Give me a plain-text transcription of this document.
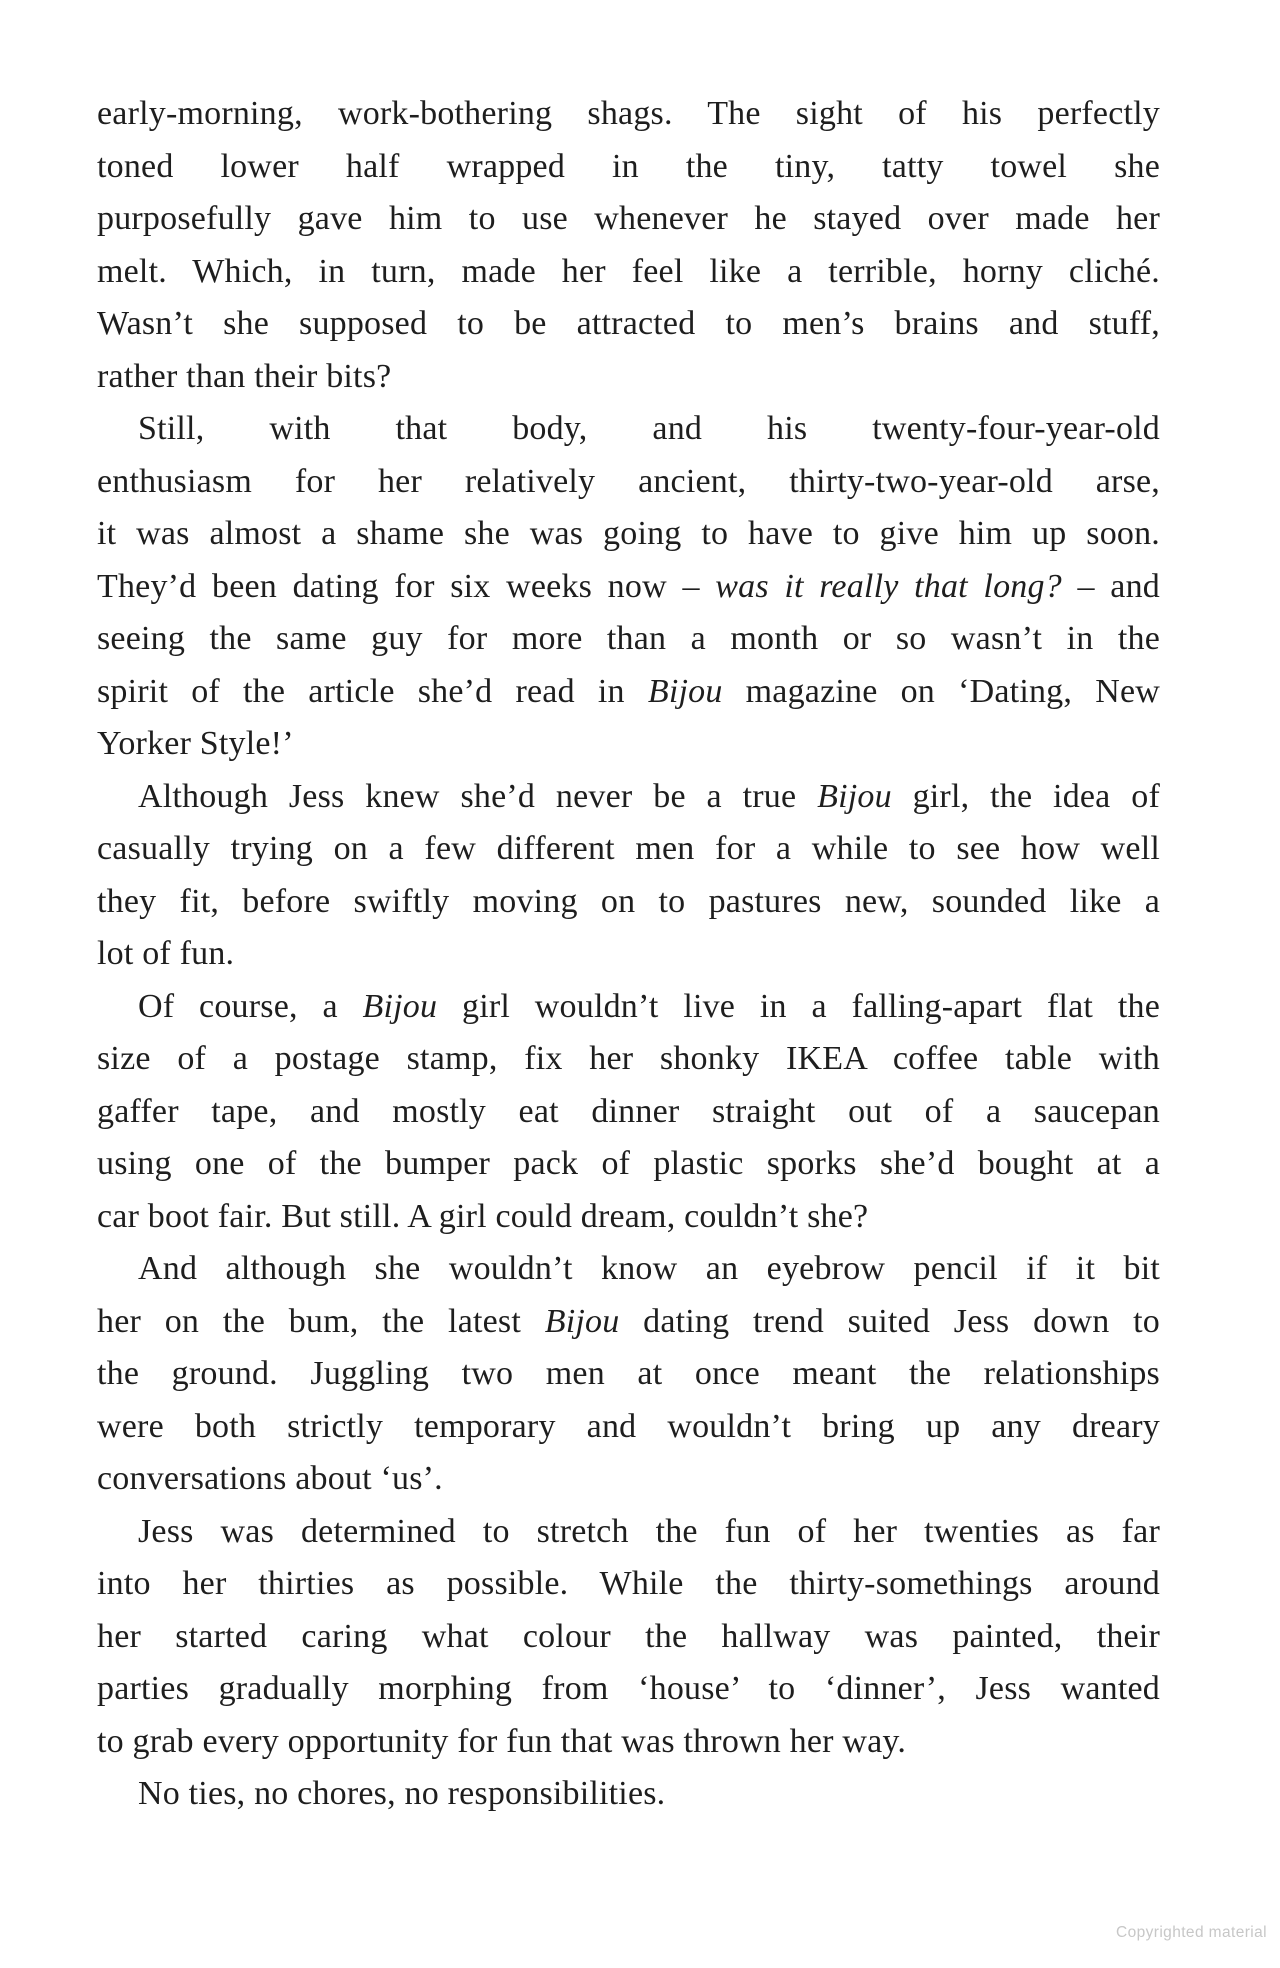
early-morning, work-bothering shags. The sight of his perfectly
toned lower half wrapped in the tiny, tatty towel she
purposefully gave him to use whenever he stayed over made her
melt. Which, in turn, made her feel like a terrible, horny cliché.
Wasn’t she supposed to be attracted to men’s brains and stuff,
rather than their bits?
Still, with that body, and his twenty-four-year-old
enthusiasm for her relatively ancient, thirty-two-year-old arse,
it was almost a shame she was going to have to give him up soon.
They’d been dating for six weeks now – was it really that long? – and
seeing the same guy for more than a month or so wasn’t in the
spirit of the article she’d read in Bijou magazine on ‘Dating, New
Yorker Style!’
Although Jess knew she’d never be a true Bijou girl, the idea of
casually trying on a few different men for a while to see how well
they fit, before swiftly moving on to pastures new, sounded like a
lot of fun.
Of course, a Bijou girl wouldn’t live in a falling-apart flat the
size of a postage stamp, fix her shonky IKEA coffee table with
gaffer tape, and mostly eat dinner straight out of a saucepan
using one of the bumper pack of plastic sporks she’d bought at a
car boot fair. But still. A girl could dream, couldn’t she?
And although she wouldn’t know an eyebrow pencil if it bit
her on the bum, the latest Bijou dating trend suited Jess down to
the ground. Juggling two men at once meant the relationships
were both strictly temporary and wouldn’t bring up any dreary
conversations about ‘us’.
Jess was determined to stretch the fun of her twenties as far
into her thirties as possible. While the thirty-somethings around
her started caring what colour the hallway was painted, their
parties gradually morphing from ‘house’ to ‘dinner’, Jess wanted
to grab every opportunity for fun that was thrown her way.
No ties, no chores, no responsibilities.
Copyrighted material
